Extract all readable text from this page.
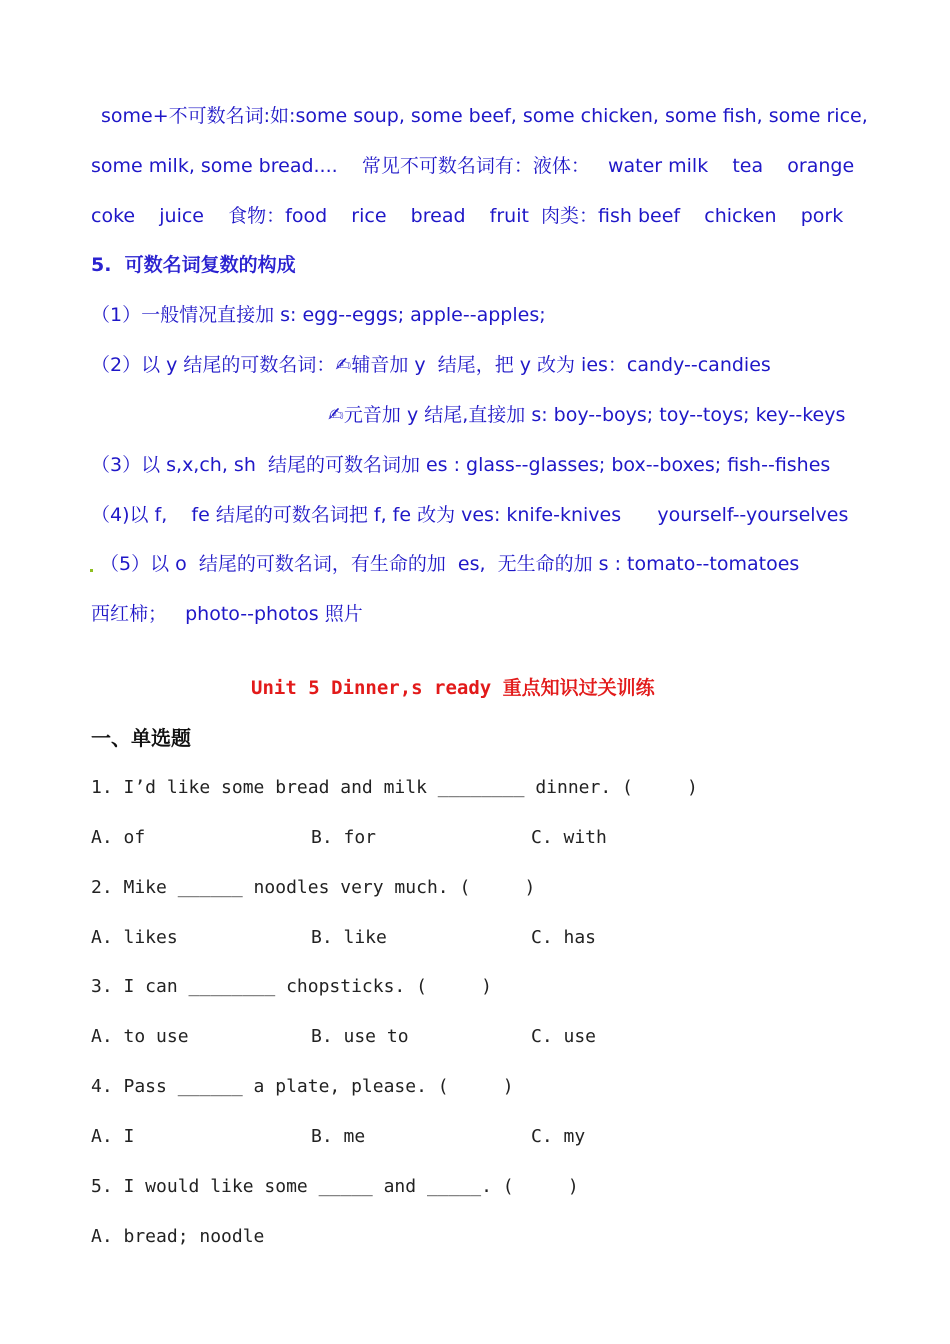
some+不可数名词:如:some soup, some beef, some chicken, some fish, some rice,
some milk, some bread....    常见不可数名词有：液体：   water milk    tea    orange
coke    juice    食物：food    rice    bread    fruit  肉类：fish beef    chicken    pork
5.  可数名词复数的构成
（1）一般情况直接加 s: egg--eggs; apple--apples;
（2）以 y 结尾的可数名词：✍辅音加 y  结尾，把 y 改为 ies：candy--candies
✍元音加 y 结尾,直接加 s: boy--boys; toy--toys; key--keys
（3）以 s,x,ch, sh  结尾的可数名词加 es : glass--glasses; box--boxes; fish--fishes
（4)以 f,    fe 结尾的可数名词把 f, fe 改为 ves: knife-knives      yourself--yourselves
（5）以 o  结尾的可数名词，有生命的加  es,  无生命的加 s : tomato--tomatoes
西红柿；   photo--photos 照片
Unit 5 Dinner,s ready 重点知识过关训练
一、单选题
1. I’d like some bread and milk ________ dinner. (     )
A. of	B. for	C. with
2. Mike ______ noodles very much. (     )
A. likes	B. like	C. has
3. I can ________ chopsticks. (     )
A. to use	B. use to	C. use
4. Pass ______ a plate, please. (     )
A. I	B. me	C. my
5. I would like some _____ and _____. (     )
A. bread; noodle
